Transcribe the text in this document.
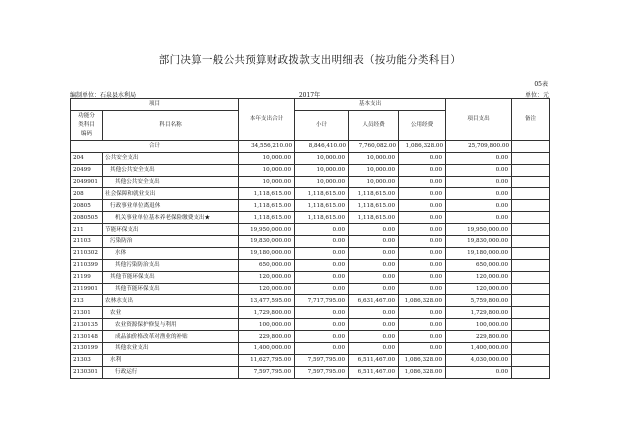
部门决算一般公共预算财政拨款支出明细表（按功能分类科目）
05表
编制单位：石泉县水利局	2017年	单位：元
项目		本年支出合计	基本支出			项目支出	备注

功能分
类科目
编码	科目名称		小计	人员经费	公用经费		

合计		34,556,210.00	8,846,410.00	7,760,082.00	1,086,328.00	25,709,800.00	
204	公共安全支出	10,000.00	10,000.00	10,000.00	0.00	0.00	
20499	其他公共安全支出	10,000.00	10,000.00	10,000.00	0.00	0.00	
2049901	其他公共安全支出	10,000.00	10,000.00	10,000.00	0.00	0.00	
208	社会保障和就业支出	1,118,615.00	1,118,615.00	1,118,615.00	0.00	0.00	
20805	行政事业单位离退休	1,118,615.00	1,118,615.00	1,118,615.00	0.00	0.00	
2080505	机关事业单位基本养老保险缴费支出★	1,118,615.00	1,118,615.00	1,118,615.00	0.00	0.00	
211	节能环保支出	19,950,000.00	0.00	0.00	0.00	19,950,000.00	
21103	污染防治	19,830,000.00	0.00	0.00	0.00	19,830,000.00	
2110302	水体	19,180,000.00	0.00	0.00	0.00	19,180,000.00	
2110399	其他污染防治支出	650,000.00	0.00	0.00	0.00	650,000.00	
21199	其他节能环保支出	120,000.00	0.00	0.00	0.00	120,000.00	
2119901	其他节能环保支出	120,000.00	0.00	0.00	0.00	120,000.00	
213	农林水支出	13,477,595.00	7,717,795.00	6,631,467.00	1,086,328.00	5,759,800.00	
21301	农业	1,729,800.00	0.00	0.00	0.00	1,729,800.00	
2130135	农业资源保护修复与利用	100,000.00	0.00	0.00	0.00	100,000.00	
2130148	成品油价格改革对渔业的补贴	229,800.00	0.00	0.00	0.00	229,800.00	
2130199	其他农业支出	1,400,000.00	0.00	0.00	0.00	1,400,000.00	
21303	水利	11,627,795.00	7,597,795.00	6,511,467.00	1,086,328.00	4,030,000.00	
2130301	行政运行	7,597,795.00	7,597,795.00	6,511,467.00	1,086,328.00	0.00	
